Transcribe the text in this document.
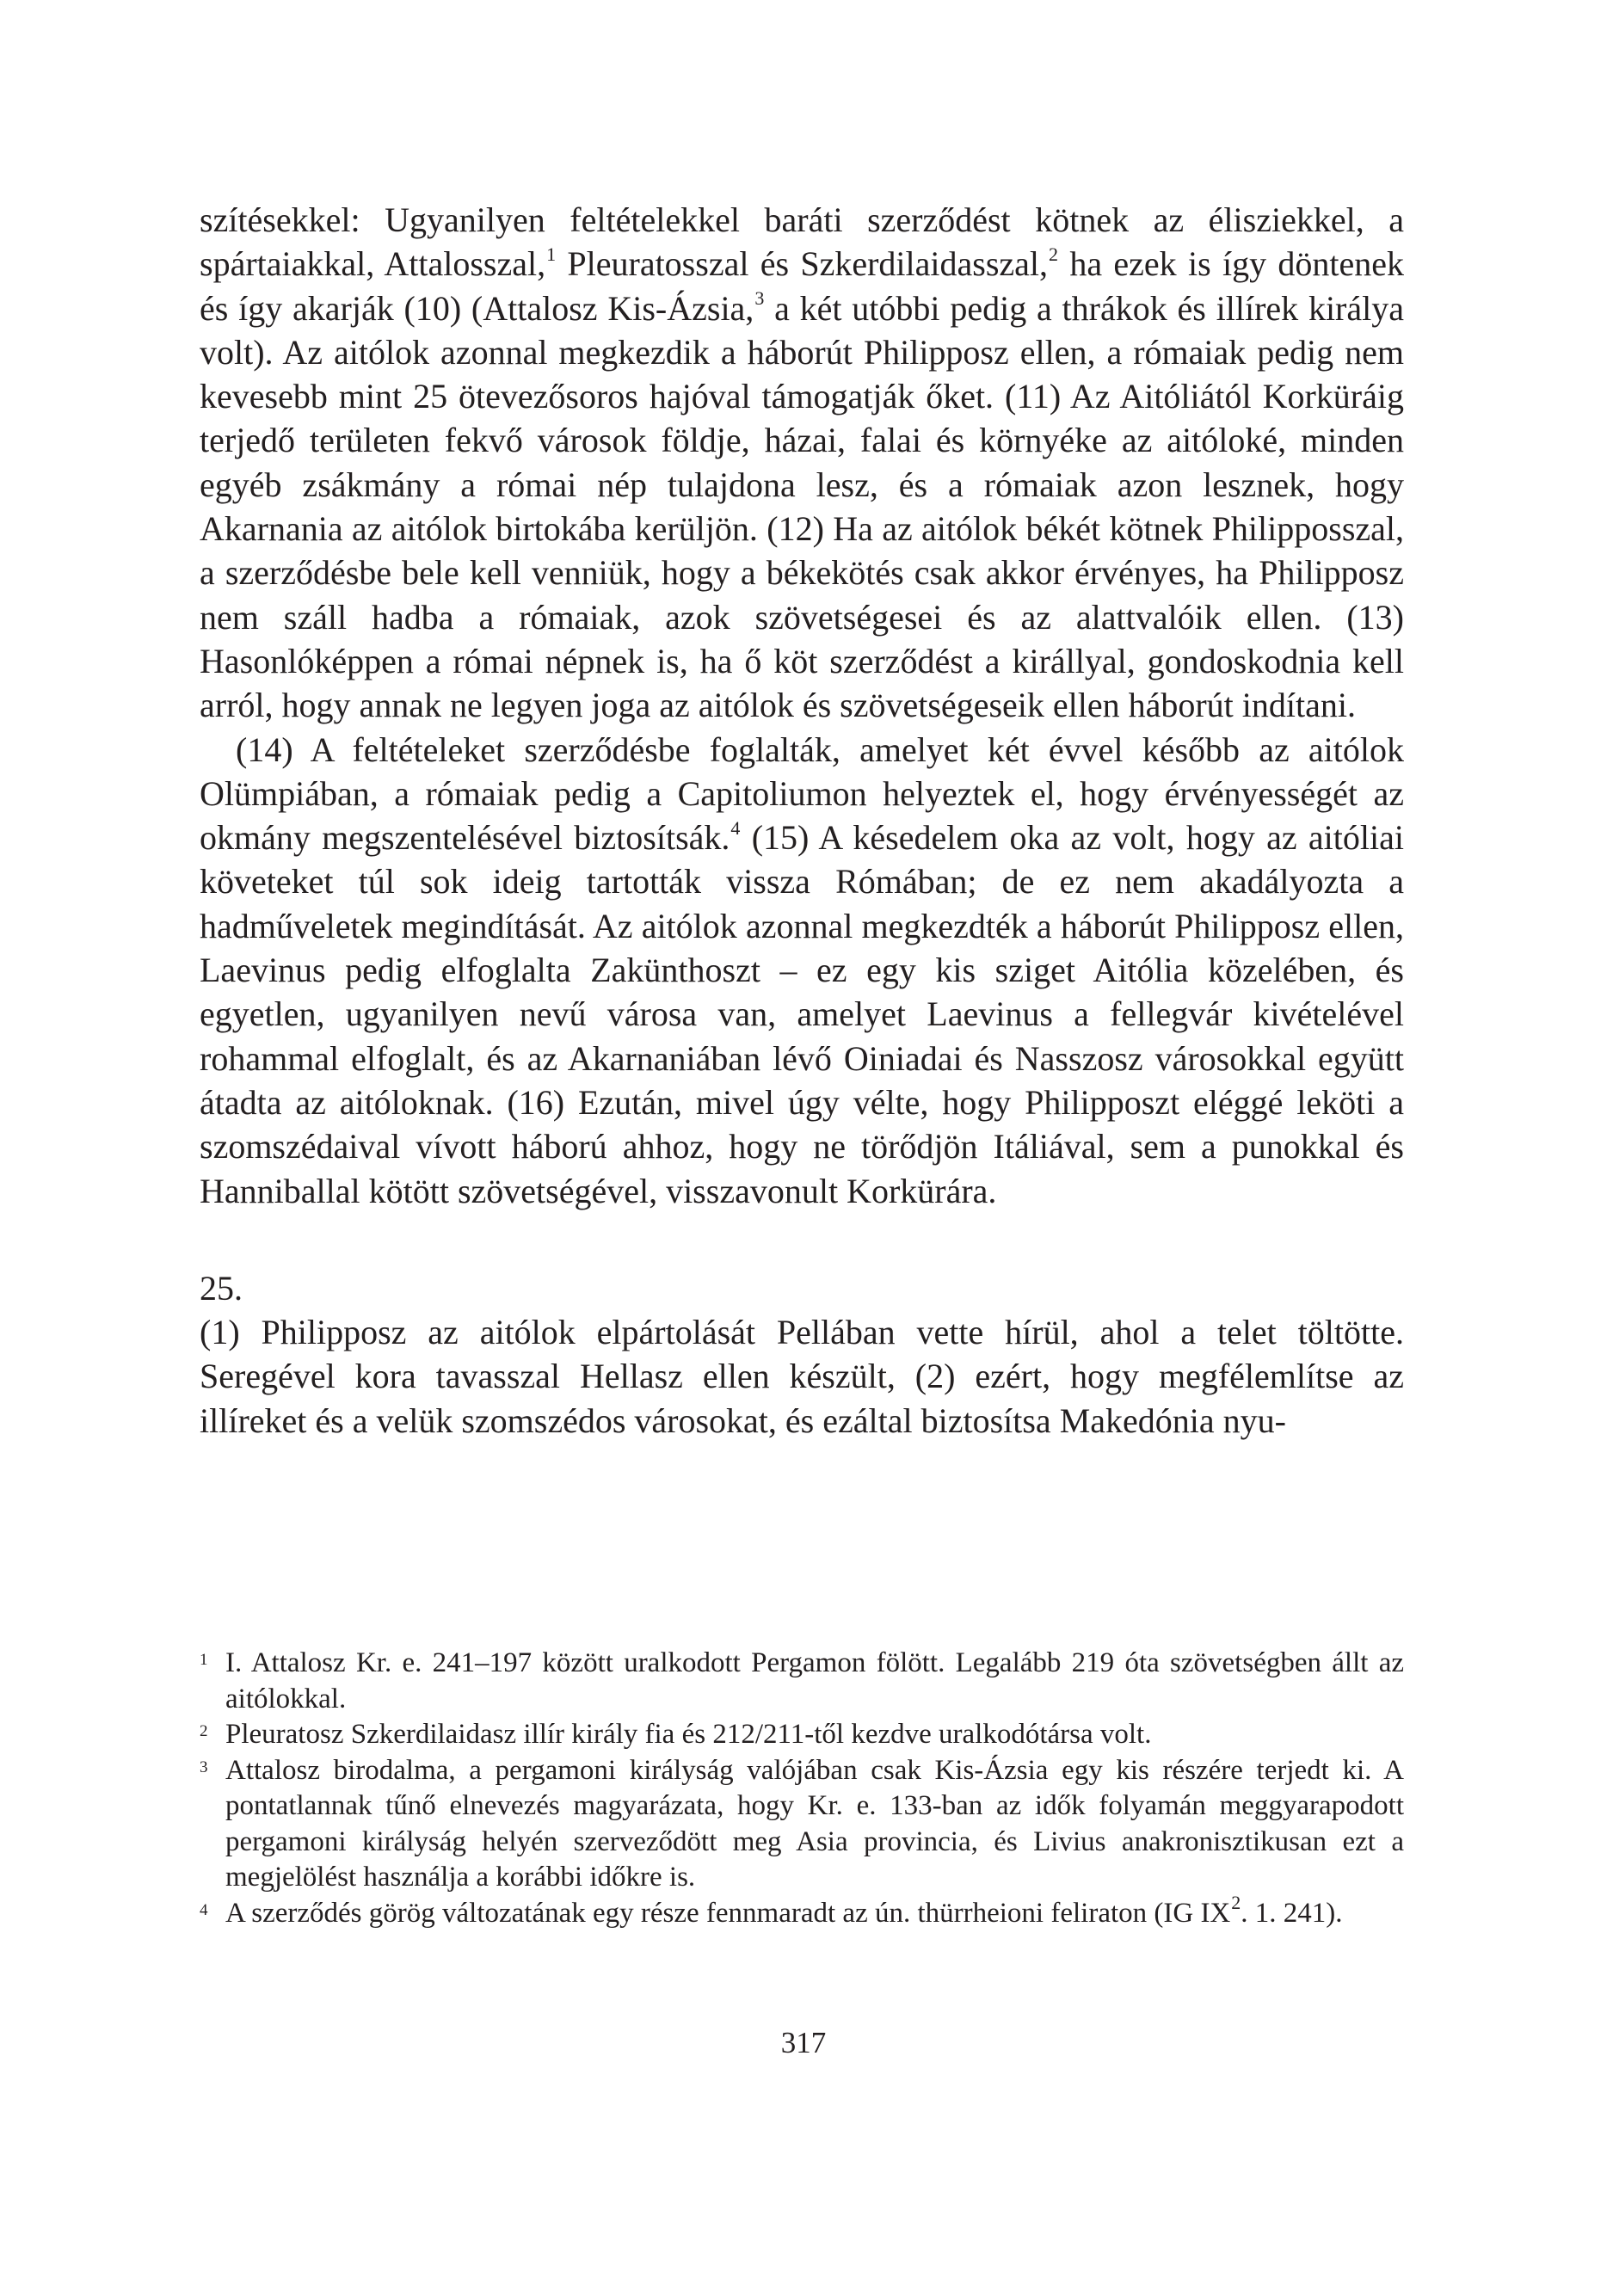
szítésekkel: Ugyanilyen feltételekkel baráti szerződést kötnek az élisziekkel, a spártaiakkal, Attalosszal,$^1$ Pleuratosszal és Szkerdilaidasszal,$^2$ ha ezek is így döntenek és így akarják (10) (Attalosz Kis-Ázsia,$^3$ a két utóbbi pedig a thrákok és illírek királya volt). Az aitólok azonnal megkezdik a háborút Philipposz ellen, a rómaiak pedig nem kevesebb mint 25 ötevezősoros hajóval támogatják őket. (11) Az Aitóliától Korküráig terjedő területen fekvő városok földje, házai, falai és környéke az aitóloké, minden egyéb zsákmány a római nép tulajdona lesz, és a rómaiak azon lesznek, hogy Akarnania az aitólok birtokába kerüljön. (12) Ha az aitólok békét kötnek Philipposszal, a szerződésbe bele kell venniük, hogy a békekötés csak akkor érvényes, ha Philipposz nem száll hadba a rómaiak, azok szövetségesei és az alattvalóik ellen. (13) Hasonlóképpen a római népnek is, ha ő köt szerződést a királlyal, gondoskodnia kell arról, hogy annak ne legyen joga az aitólok és szövetségeseik ellen háborút indítani.

(14) A feltételeket szerződésbe foglalták, amelyet két évvel később az aitólok Olümpiában, a rómaiak pedig a Capitoliumon helyeztek el, hogy érvényességét az okmány megszentelésével biztosítsák.$^4$ (15) A késedelem oka az volt, hogy az aitóliai követeket túl sok ideig tartották vissza Rómában; de ez nem akadályozta a hadműveletek megindítását. Az aitólok azonnal megkezdték a háborút Philipposz ellen, Laevinus pedig elfoglalta Zakünthoszt – ez egy kis sziget Aitólia közelében, és egyetlen, ugyanilyen nevű városa van, amelyet Laevinus a fellegvár kivételével rohammal elfoglalt, és az Akarnaniában lévő Oiniadai és Nasszosz városokkal együtt átadta az aitóloknak. (16) Ezután, mivel úgy vélte, hogy Philipposzt eléggé leköti a szomszédaival vívott háború ahhoz, hogy ne törődjön Itáliával, sem a punokkal és Hanniballal kötött szövetségével, visszavonult Korkürára.

25.

(1) Philipposz az aitólok elpártolását Pellában vette hírül, ahol a telet töltötte. Seregével kora tavasszal Hellasz ellen készült, (2) ezért, hogy megfélemlítse az illíreket és a velük szomszédos városokat, és ezáltal biztosítsa Makedónia nyu-

1 I. Attalosz Kr. e. 241–197 között uralkodott Pergamon fölött. Legalább 219 óta szövetségben állt az aitólokkal.

2 Pleuratosz Szkerdilaidasz illír király fia és 212/211-től kezdve uralkodótársa volt.

3 Attalosz birodalma, a pergamoni királyság valójában csak Kis-Ázsia egy kis részére terjedt ki. A pontatlannak tűnő elnevezés magyarázata, hogy Kr. e. 133-ban az idők folyamán meggyarapodott pergamoni királyság helyén szerveződött meg Asia provincia, és Livius anakronisztikusan ezt a megjelölést használja a korábbi időkre is.

4 A szerződés görög változatának egy része fennmaradt az ún. thürrheioni feliraton (IG $IX^2$. 1. 241).

317
